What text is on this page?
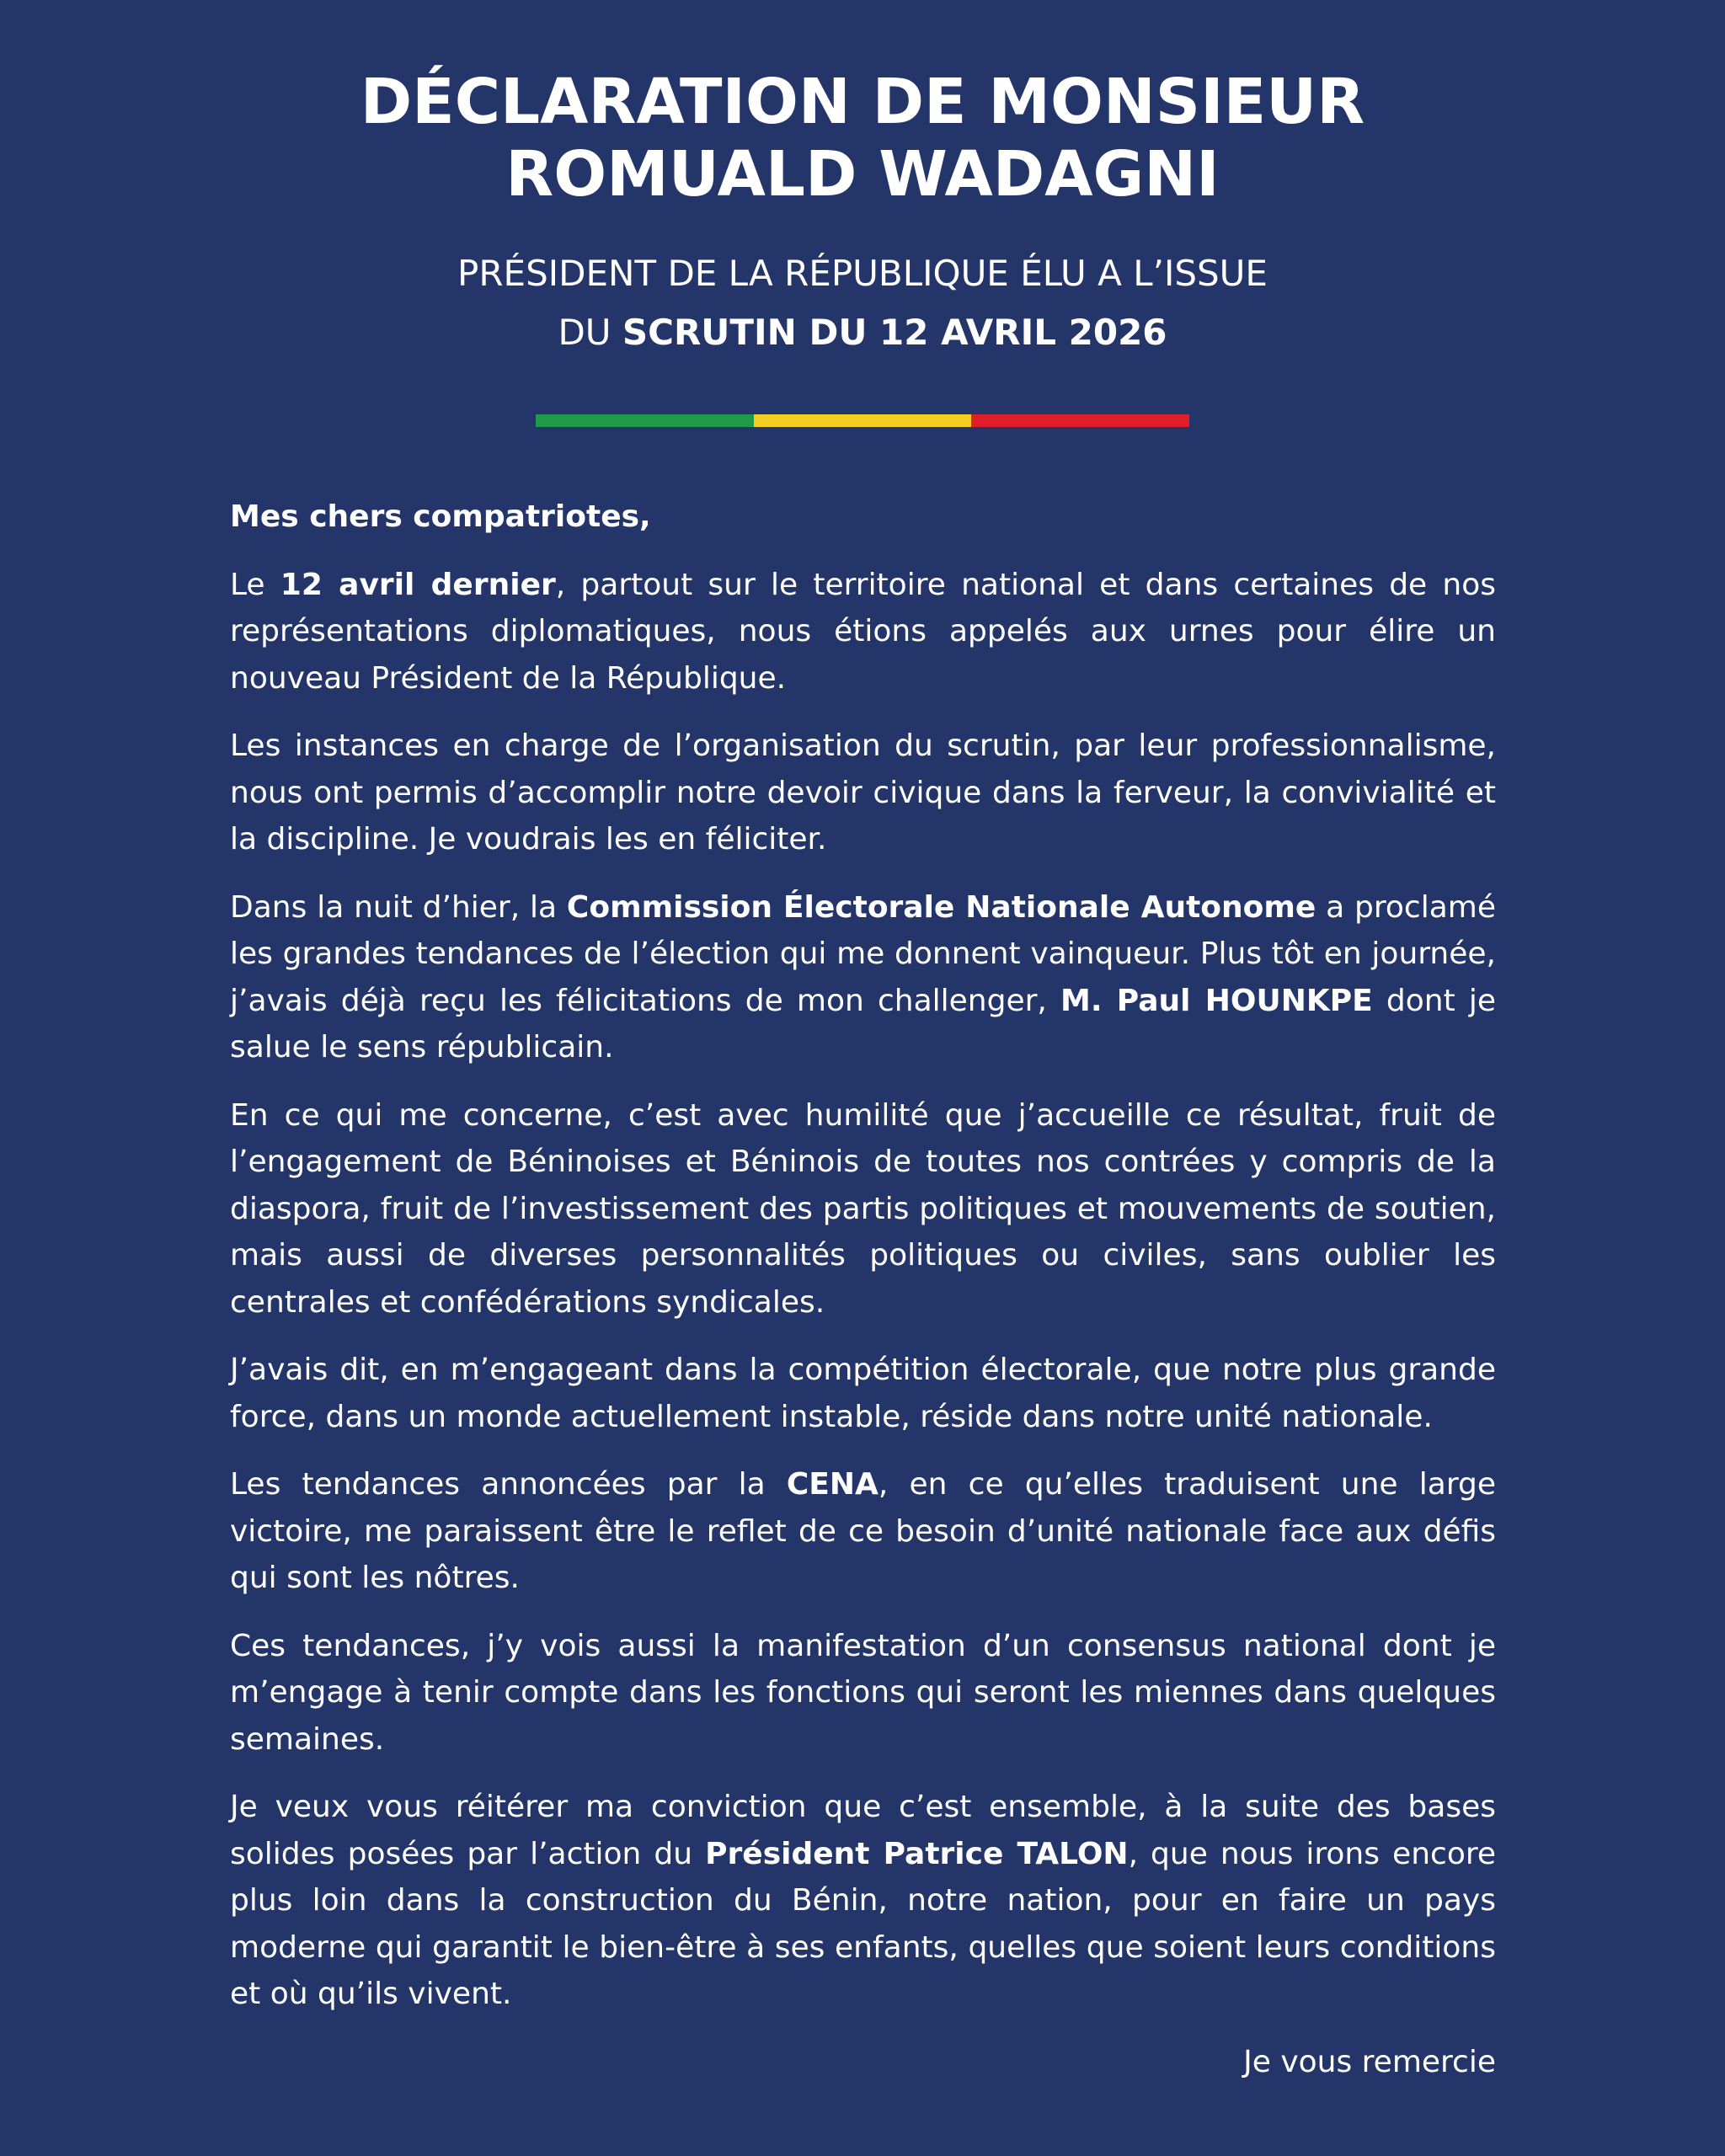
DÉCLARATION DE MONSIEUR
ROMUALD WADAGNI

PRÉSIDENT DE LA RÉPUBLIQUE ÉLU A L’ISSUE
DU SCRUTIN DU 12 AVRIL 2026

Mes chers compatriotes,

Le 12 avril dernier, partout sur le territoire national et dans certaines de nos représentations diplomatiques, nous étions appelés aux urnes pour élire un nouveau Président de la République.

Les instances en charge de l’organisation du scrutin, par leur professionnalisme, nous ont permis d’accomplir notre devoir civique dans la ferveur, la convivialité et la discipline. Je voudrais les en féliciter.

Dans la nuit d’hier, la Commission Électorale Nationale Autonome a proclamé les grandes tendances de l’élection qui me donnent vainqueur. Plus tôt en journée, j’avais déjà reçu les félicitations de mon challenger, M. Paul HOUNKPE dont je salue le sens républicain.

En ce qui me concerne, c’est avec humilité que j’accueille ce résultat, fruit de l’engagement de Béninoises et Béninois de toutes nos contrées y compris de la diaspora, fruit de l’investissement des partis politiques et mouvements de soutien, mais aussi de diverses personnalités politiques ou civiles, sans oublier les centrales et confédérations syndicales.

J’avais dit, en m’engageant dans la compétition électorale, que notre plus grande force, dans un monde actuellement instable, réside dans notre unité nationale.

Les tendances annoncées par la CENA, en ce qu’elles traduisent une large victoire, me paraissent être le reflet de ce besoin d’unité nationale face aux défis qui sont les nôtres.

Ces tendances, j’y vois aussi la manifestation d’un consensus national dont je m’engage à tenir compte dans les fonctions qui seront les miennes dans quelques semaines.

Je veux vous réitérer ma conviction que c’est ensemble, à la suite des bases solides posées par l’action du Président Patrice TALON, que nous irons encore plus loin dans la construction du Bénin, notre nation, pour en faire un pays moderne qui garantit le bien-être à ses enfants, quelles que soient leurs conditions et où qu’ils vivent.

Je vous remercie
